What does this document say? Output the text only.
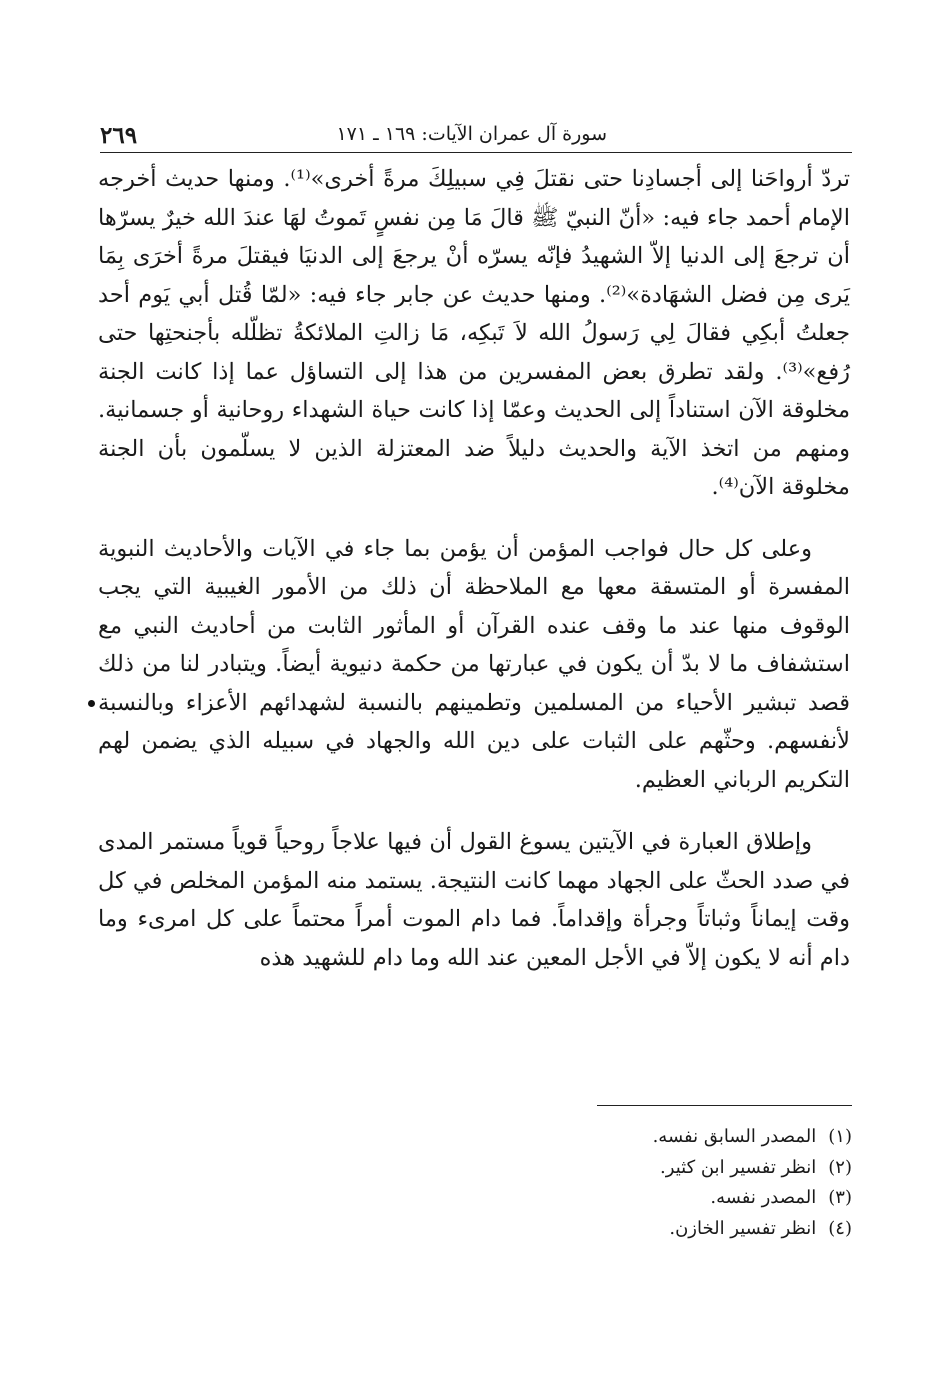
٢٦٩	سورة آل عمران الآيات: ١٦٩ ـ ١٧١

تردّ أرواحَنا إلى أجسادِنا حتى نقتلَ فِي سبيلِكَ مرةً أخرى»⁽¹⁾. ومنها حديث أخرجه الإمام أحمد جاء فيه: «أنّ النبيّ ﷺ قالَ مَا مِن نفسٍ تَموتُ لهَا عندَ الله خيرٌ يسرّها أن ترجعَ إلى الدنيا إلاّ الشهيدُ فإنّه يسرّه أنْ يرجعَ إلى الدنيَا فيقتلَ مرةً أخرَى بِمَا يَرى مِن فضل الشهَادة»⁽²⁾. ومنها حديث عن جابر جاء فيه: «لمّا قُتل أبي يَوم أحد جعلتُ أبكِي فقالَ لِي رَسولُ الله لاَ تَبكِه، مَا زالتِ الملائكةُ تظلّله بأجنحتِها حتى رُفع»⁽³⁾. ولقد تطرق بعض المفسرين من هذا إلى التساؤل عما إذا كانت الجنة مخلوقة الآن استناداً إلى الحديث وعمّا إذا كانت حياة الشهداء روحانية أو جسمانية. ومنهم من اتخذ الآية والحديث دليلاً ضد المعتزلة الذين لا يسلّمون بأن الجنة مخلوقة الآن⁽⁴⁾.

وعلى كل حال فواجب المؤمن أن يؤمن بما جاء في الآيات والأحاديث النبوية المفسرة أو المتسقة معها مع الملاحظة أن ذلك من الأمور الغيبية التي يجب الوقوف منها عند ما وقف عنده القرآن أو المأثور الثابت من أحاديث النبي مع استشفاف ما لا بدّ أن يكون في عبارتها من حكمة دنيوية أيضاً. ويتبادر لنا من ذلك قصد تبشير الأحياء من المسلمين وتطمينهم بالنسبة لشهدائهم الأعزاء وبالنسبة لأنفسهم. وحثّهم على الثبات على دين الله والجهاد في سبيله الذي يضمن لهم التكريم الرباني العظيم.

وإطلاق العبارة في الآيتين يسوغ القول أن فيها علاجاً روحياً قوياً مستمر المدى في صدد الحثّ على الجهاد مهما كانت النتيجة. يستمد منه المؤمن المخلص في كل وقت إيماناً وثباتاً وجرأة وإقداماً. فما دام الموت أمراً محتماً على كل امرىء وما دام أنه لا يكون إلاّ في الأجل المعين عند الله وما دام للشهيد هذه

(١)المصدر السابق نفسه.
(٢)انظر تفسير ابن كثير.
(٣)المصدر نفسه.
(٤)انظر تفسير الخازن.
